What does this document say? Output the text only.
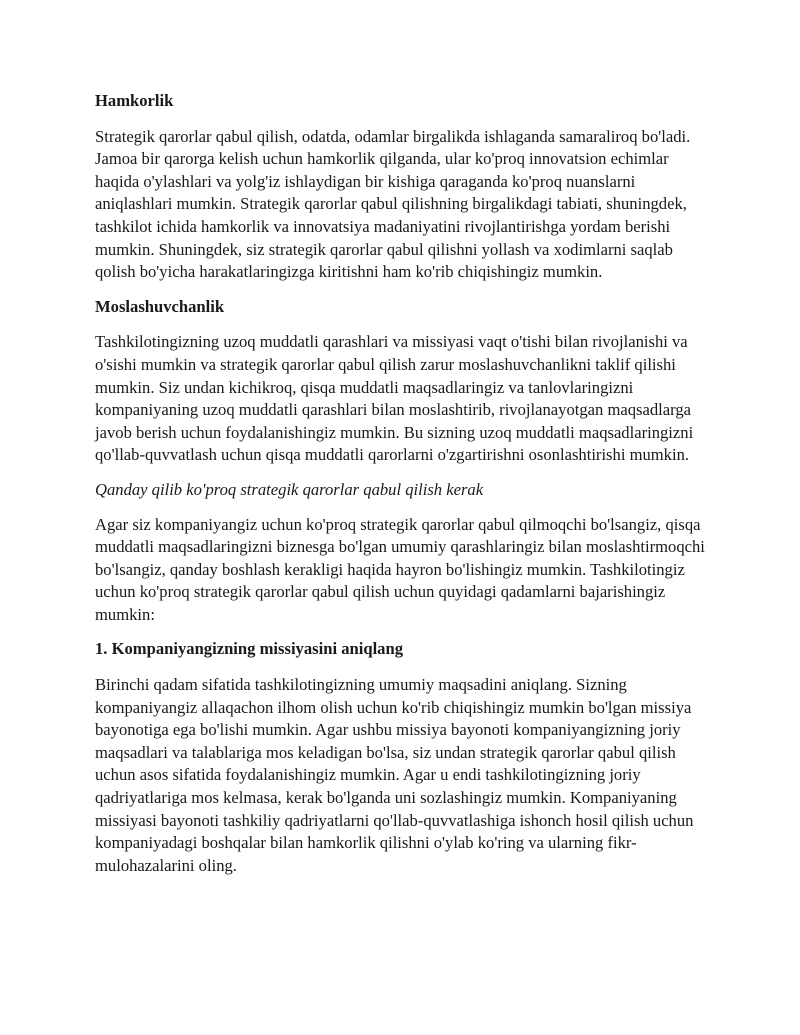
Hamkorlik

Strategik qarorlar qabul qilish, odatda, odamlar birgalikda ishlaganda samaraliroq bo'ladi. Jamoa bir qarorga kelish uchun hamkorlik qilganda, ular ko'proq innovatsion echimlar haqida o'ylashlari va yolg'iz ishlaydigan bir kishiga qaraganda ko'proq nuanslarni aniqlashlari mumkin. Strategik qarorlar qabul qilishning birgalikdagi tabiati, shuningdek, tashkilot ichida hamkorlik va innovatsiya madaniyatini rivojlantirishga yordam berishi mumkin. Shuningdek, siz strategik qarorlar qabul qilishni yollash va xodimlarni saqlab qolish bo'yicha harakatlaringizga kiritishni ham ko'rib chiqishingiz mumkin.

Moslashuvchanlik

Tashkilotingizning uzoq muddatli qarashlari va missiyasi vaqt o'tishi bilan rivojlanishi va o'sishi mumkin va strategik qarorlar qabul qilish zarur moslashuvchanlikni taklif qilishi mumkin. Siz undan kichikroq, qisqa muddatli maqsadlaringiz va tanlovlaringizni kompaniyaning uzoq muddatli qarashlari bilan moslashtirib, rivojlanayotgan maqsadlarga javob berish uchun foydalanishingiz mumkin. Bu sizning uzoq muddatli maqsadlaringizni qo'llab-quvvatlash uchun qisqa muddatli qarorlarni o'zgartirishni osonlashtirishi mumkin.

Qanday qilib ko'proq strategik qarorlar qabul qilish kerak

Agar siz kompaniyangiz uchun ko'proq strategik qarorlar qabul qilmoqchi bo'lsangiz, qisqa muddatli maqsadlaringizni biznesga bo'lgan umumiy qarashlaringiz bilan moslashtirmoqchi bo'lsangiz, qanday boshlash kerakligi haqida hayron bo'lishingiz mumkin. Tashkilotingiz uchun ko'proq strategik qarorlar qabul qilish uchun quyidagi qadamlarni bajarishingiz mumkin:

1. Kompaniyangizning missiyasini aniqlang

Birinchi qadam sifatida tashkilotingizning umumiy maqsadini aniqlang. Sizning kompaniyangiz allaqachon ilhom olish uchun ko'rib chiqishingiz mumkin bo'lgan missiya bayonotiga ega bo'lishi mumkin. Agar ushbu missiya bayonoti kompaniyangizning joriy maqsadlari va talablariga mos keladigan bo'lsa, siz undan strategik qarorlar qabul qilish uchun asos sifatida foydalanishingiz mumkin. Agar u endi tashkilotingizning joriy qadriyatlariga mos kelmasa, kerak bo'lganda uni sozlashingiz mumkin. Kompaniyaning missiyasi bayonoti tashkiliy qadriyatlarni qo'llab-quvvatlashiga ishonch hosil qilish uchun kompaniyadagi boshqalar bilan hamkorlik qilishni o'ylab ko'ring va ularning fikr-mulohazalarini oling.
